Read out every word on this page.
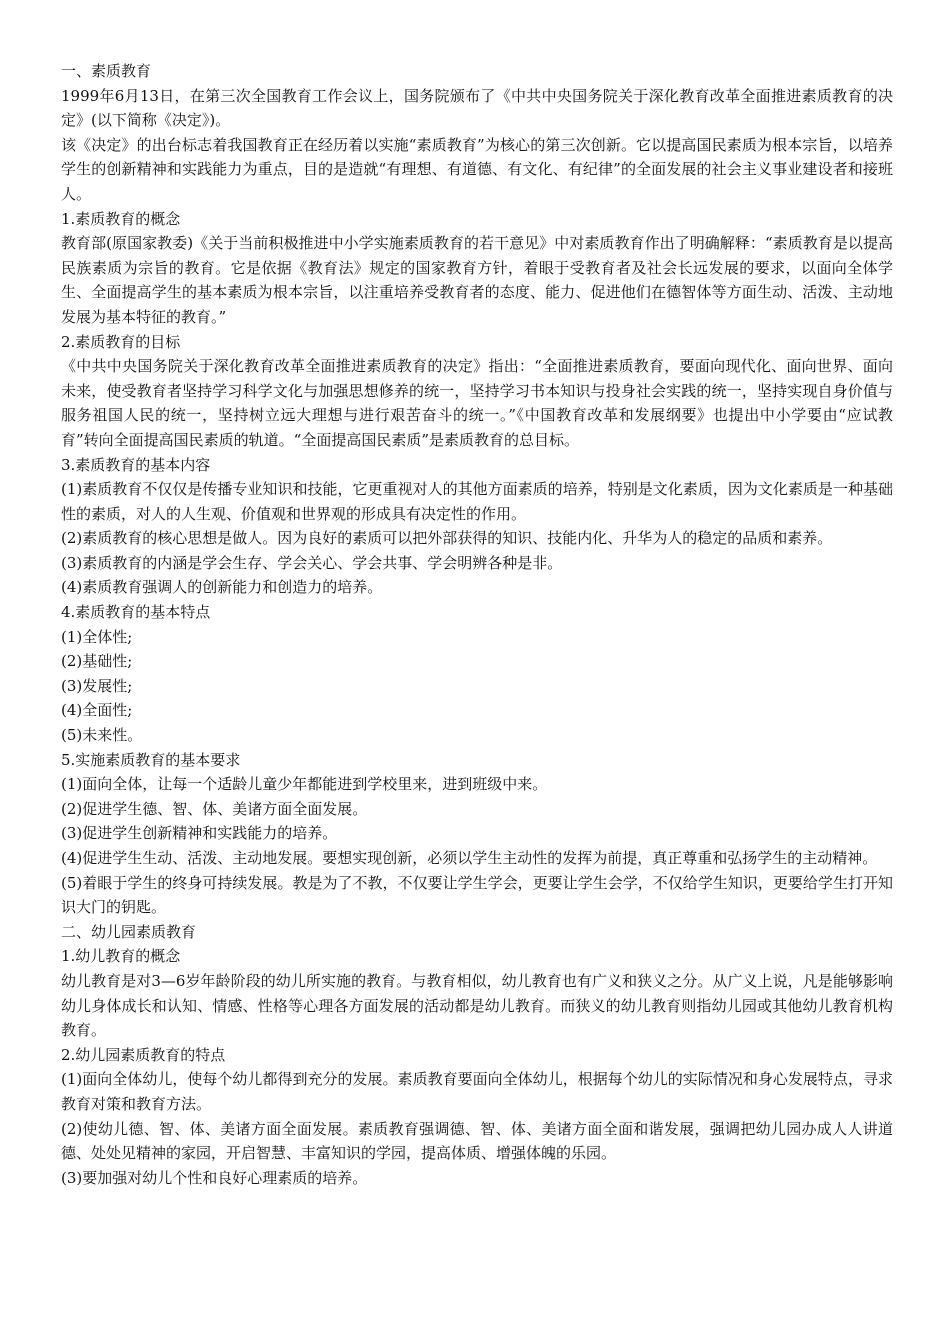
一、素质教育

1999年6月13日，在第三次全国教育工作会议上，国务院颁布了《中共中央国务院关于深化教育改革全面推进素质教育的决定》(以下简称《决定》)。

该《决定》的出台标志着我国教育正在经历着以实施“素质教育”为核心的第三次创新。它以提高国民素质为根本宗旨，以培养学生的创新精神和实践能力为重点，目的是造就“有理想、有道德、有文化、有纪律”的全面发展的社会主义事业建设者和接班人。

1.素质教育的概念

教育部(原国家教委)《关于当前积极推进中小学实施素质教育的若干意见》中对素质教育作出了明确解释：“素质教育是以提高民族素质为宗旨的教育。它是依据《教育法》规定的国家教育方针，着眼于受教育者及社会长远发展的要求，以面向全体学生、全面提高学生的基本素质为根本宗旨，以注重培养受教育者的态度、能力、促进他们在德智体等方面生动、活泼、主动地发展为基本特征的教育。”

2.素质教育的目标

《中共中央国务院关于深化教育改革全面推进素质教育的决定》指出：“全面推进素质教育，要面向现代化、面向世界、面向未来，使受教育者坚持学习科学文化与加强思想修养的统一，坚持学习书本知识与投身社会实践的统一，坚持实现自身价值与服务祖国人民的统一，坚持树立远大理想与进行艰苦奋斗的统一。”《中国教育改革和发展纲要》也提出中小学要由“应试教育”转向全面提高国民素质的轨道。“全面提高国民素质”是素质教育的总目标。

3.素质教育的基本内容

(1)素质教育不仅仅是传播专业知识和技能，它更重视对人的其他方面素质的培养，特别是文化素质，因为文化素质是一种基础性的素质，对人的人生观、价值观和世界观的形成具有决定性的作用。

(2)素质教育的核心思想是做人。因为良好的素质可以把外部获得的知识、技能内化、升华为人的稳定的品质和素养。

(3)素质教育的内涵是学会生存、学会关心、学会共事、学会明辨各种是非。

(4)素质教育强调人的创新能力和创造力的培养。

4.素质教育的基本特点

(1)全体性;

(2)基础性;

(3)发展性;

(4)全面性;

(5)未来性。

5.实施素质教育的基本要求

(1)面向全体，让每一个适龄儿童少年都能进到学校里来，进到班级中来。

(2)促进学生德、智、体、美诸方面全面发展。

(3)促进学生创新精神和实践能力的培养。

(4)促进学生生动、活泼、主动地发展。要想实现创新，必须以学生主动性的发挥为前提，真正尊重和弘扬学生的主动精神。

(5)着眼于学生的终身可持续发展。教是为了不教，不仅要让学生学会，更要让学生会学，不仅给学生知识，更要给学生打开知识大门的钥匙。

二、幼儿园素质教育

1.幼儿教育的概念

幼儿教育是对3—6岁年龄阶段的幼儿所实施的教育。与教育相似，幼儿教育也有广义和狭义之分。从广义上说，凡是能够影响幼儿身体成长和认知、情感、性格等心理各方面发展的活动都是幼儿教育。而狭义的幼儿教育则指幼儿园或其他幼儿教育机构教育。

2.幼儿园素质教育的特点

(1)面向全体幼儿，使每个幼儿都得到充分的发展。素质教育要面向全体幼儿，根据每个幼儿的实际情况和身心发展特点，寻求教育对策和教育方法。

(2)使幼儿德、智、体、美诸方面全面发展。素质教育强调德、智、体、美诸方面全面和谐发展，强调把幼儿园办成人人讲道德、处处见精神的家园，开启智慧、丰富知识的学园，提高体质、增强体魄的乐园。

(3)要加强对幼儿个性和良好心理素质的培养。
